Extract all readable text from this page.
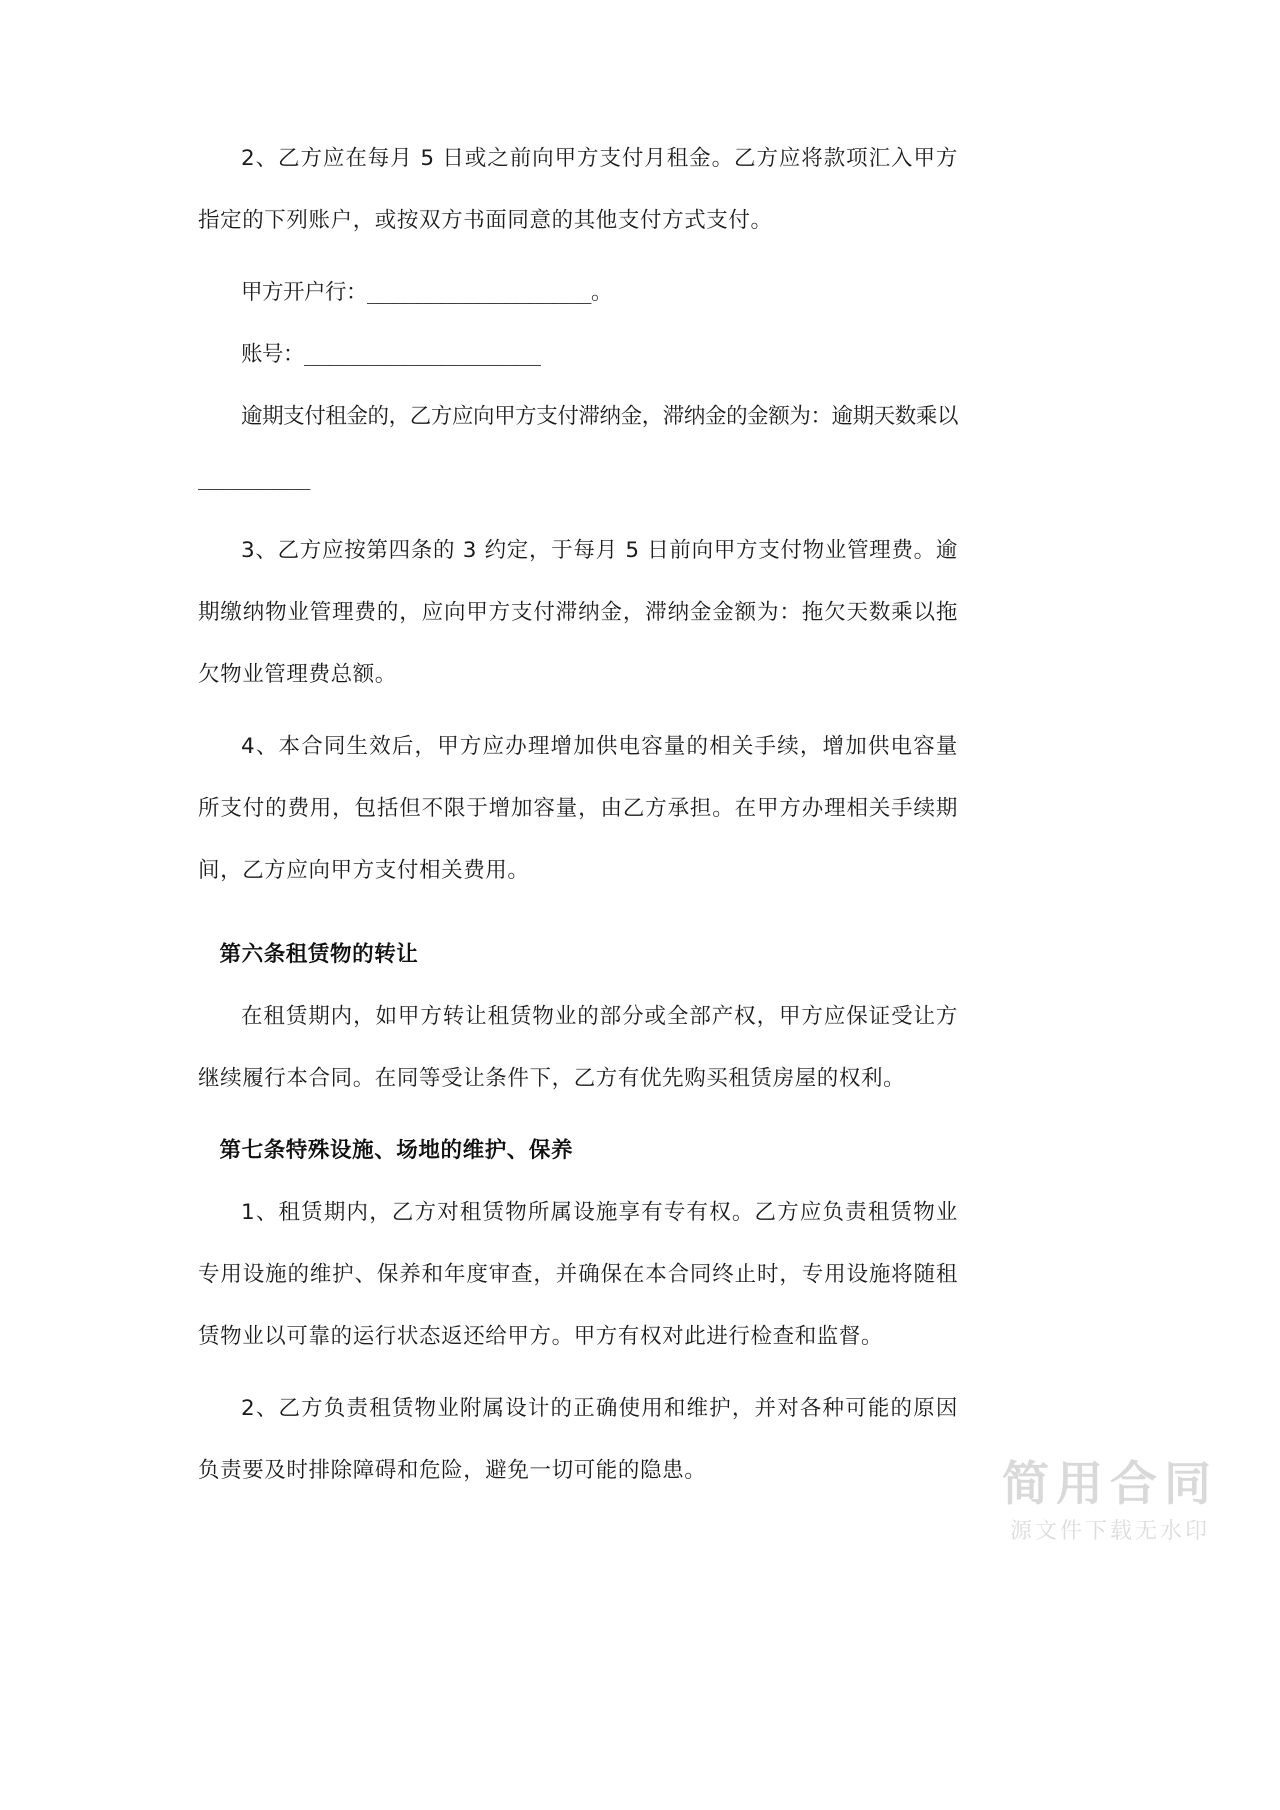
2、乙方应在每月 5 日或之前向甲方支付月租金。乙方应将款项汇入甲方指定的下列账户，或按双方书面同意的其他支付方式支付。

甲方开户行：__________________。

账号：___________________

逾期支付租金的，乙方应向甲方支付滞纳金，滞纳金的金额为：逾期天数乘以_________

3、乙方应按第四条的 3 约定，于每月 5 日前向甲方支付物业管理费。逾期缴纳物业管理费的，应向甲方支付滞纳金，滞纳金金额为：拖欠天数乘以拖欠物业管理费总额。

4、本合同生效后，甲方应办理增加供电容量的相关手续，增加供电容量所支付的费用，包括但不限于增加容量，由乙方承担。在甲方办理相关手续期间，乙方应向甲方支付相关费用。

第六条租赁物的转让

在租赁期内，如甲方转让租赁物业的部分或全部产权，甲方应保证受让方继续履行本合同。在同等受让条件下，乙方有优先购买租赁房屋的权利。

第七条特殊设施、场地的维护、保养

1、租赁期内，乙方对租赁物所属设施享有专有权。乙方应负责租赁物业专用设施的维护、保养和年度审查，并确保在本合同终止时，专用设施将随租赁物业以可靠的运行状态返还给甲方。甲方有权对此进行检查和监督。

2、乙方负责租赁物业附属设计的正确使用和维护，并对各种可能的原因负责要及时排除障碍和危险，避免一切可能的隐患。	简用合同
源文件下载无水印
